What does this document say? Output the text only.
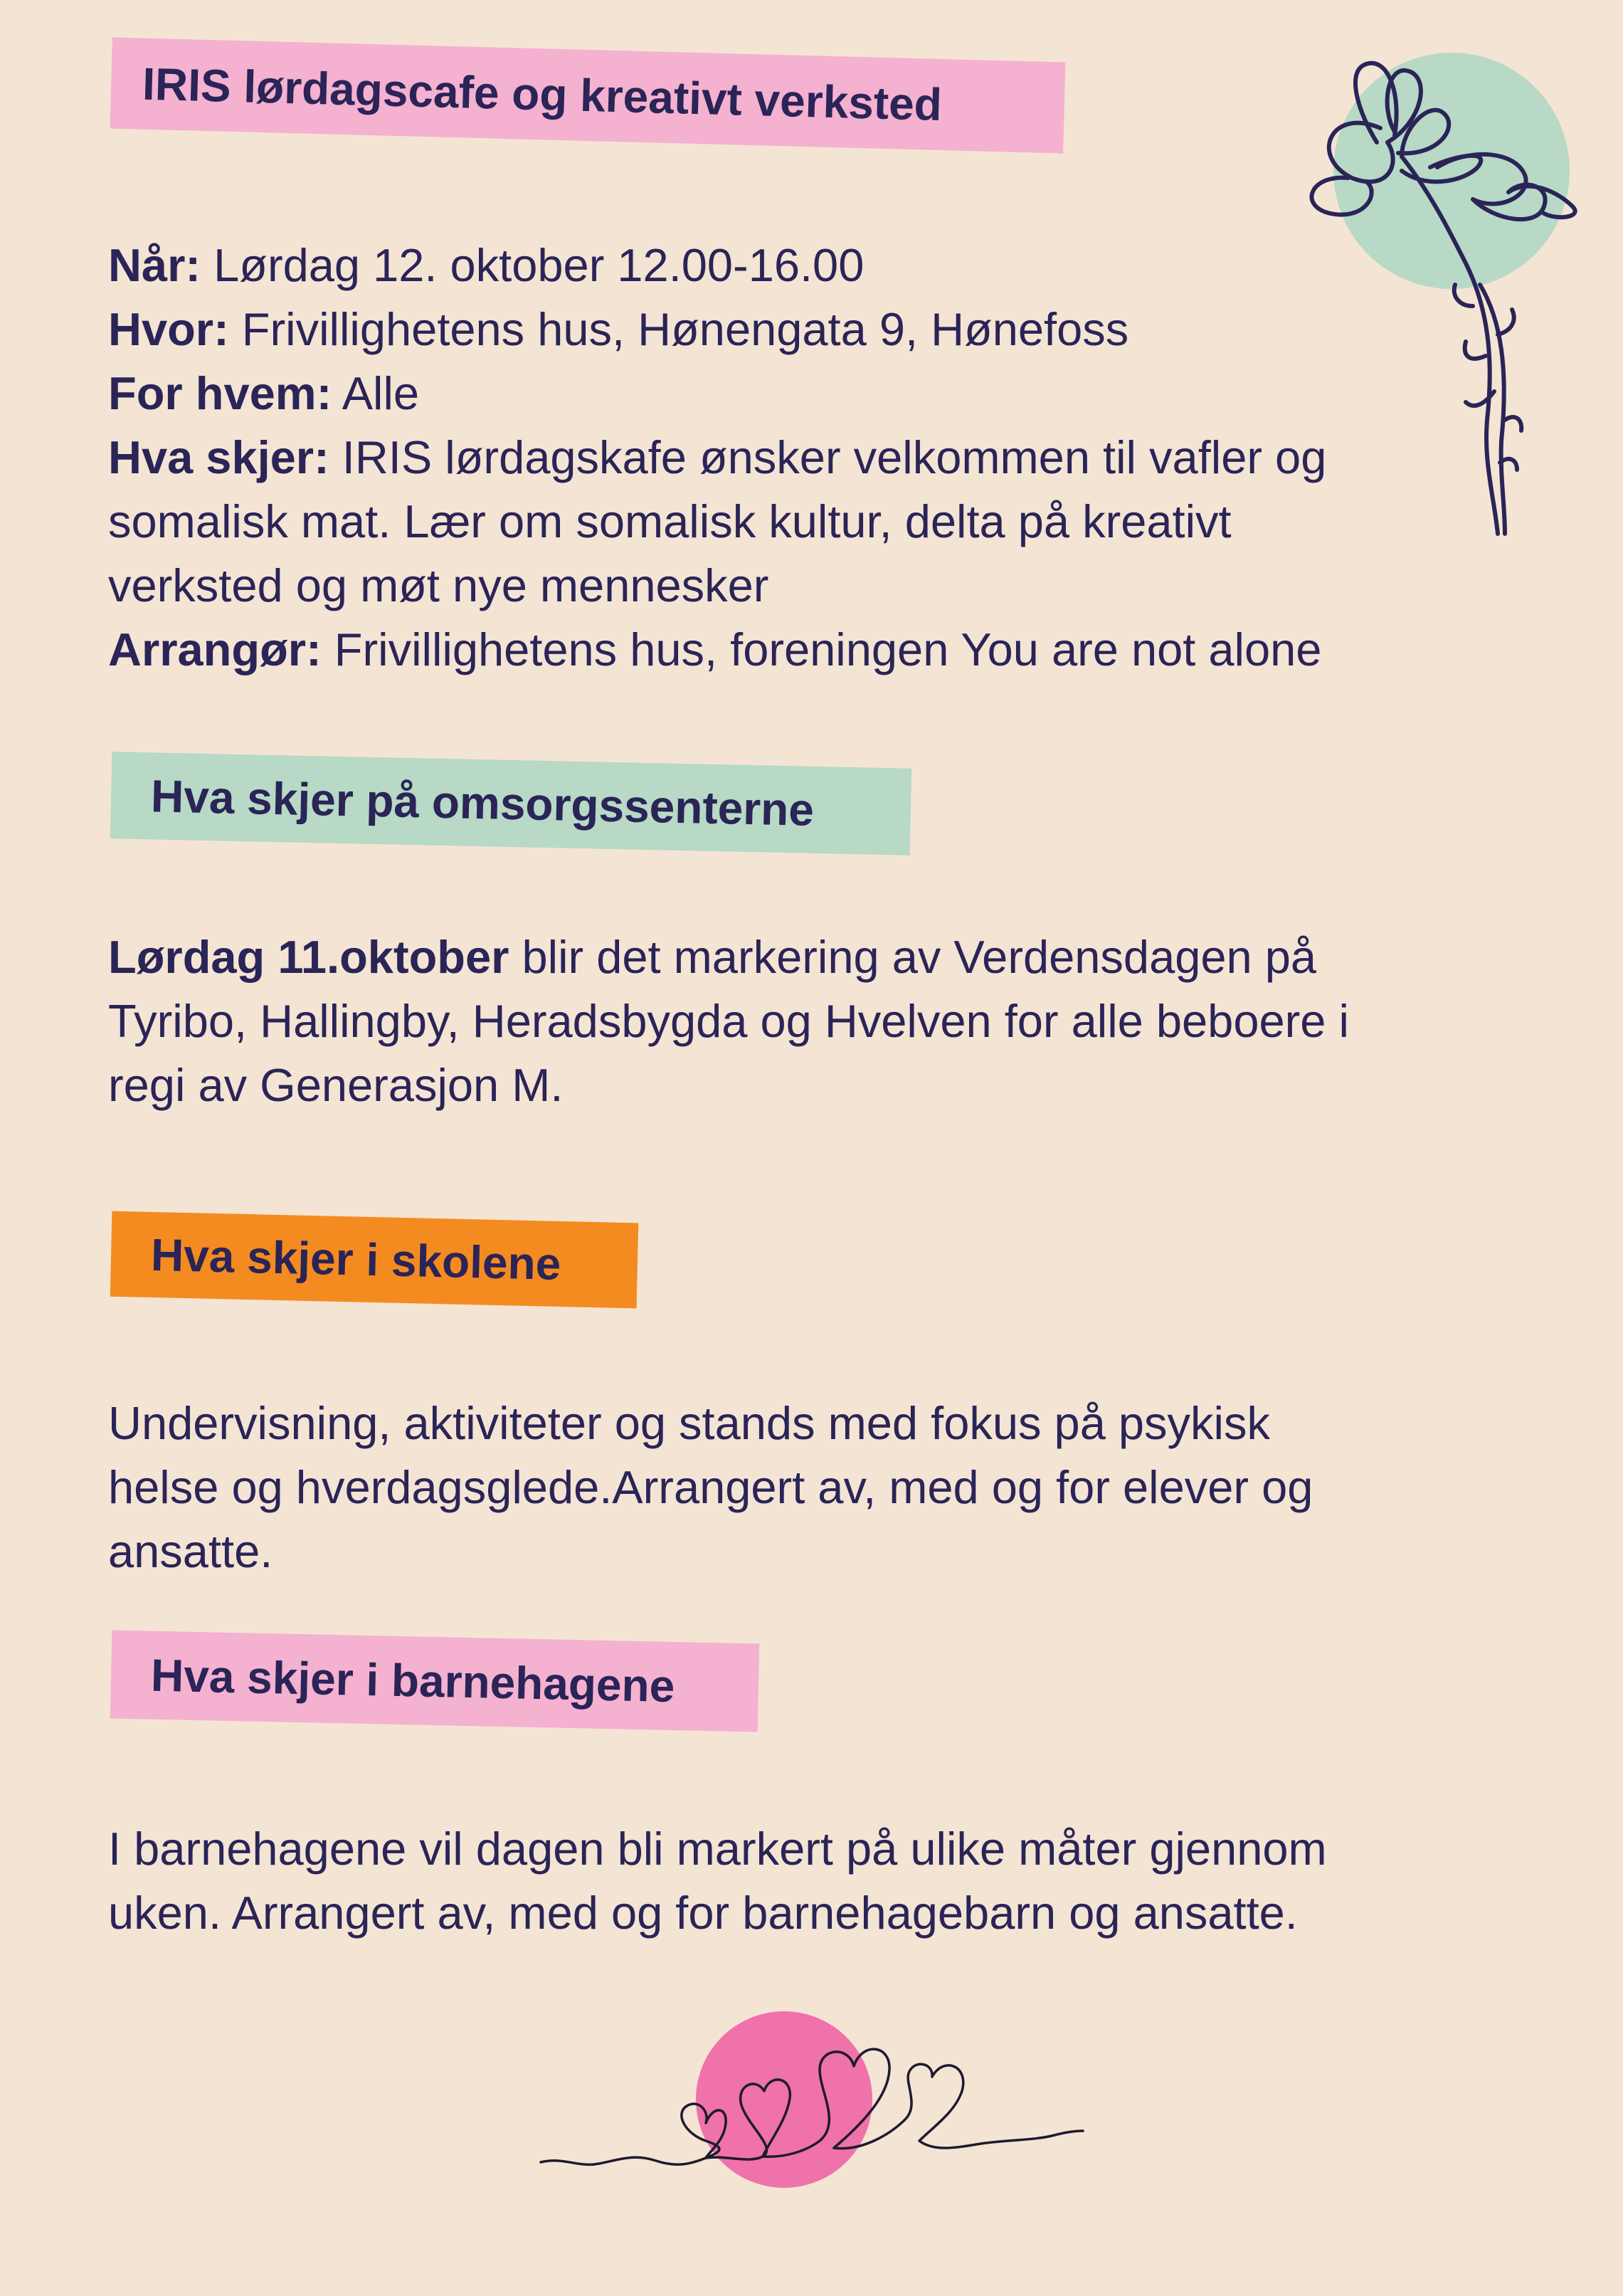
IRIS lørdagscafe og kreativt verksted
Når: Lørdag 12. oktober 12.00-16.00
Hvor: Frivillighetens hus, Hønengata 9, Hønefoss
For hvem: Alle
Hva skjer: IRIS lørdagskafe ønsker velkommen til vafler og
somalisk mat. Lær om somalisk kultur, delta på kreativt
verksted og møt nye mennesker
Arrangør: Frivillighetens hus, foreningen You are not alone
Hva skjer på omsorgssenterne
Lørdag 11.oktober blir det markering av Verdensdagen på
Tyribo, Hallingby, Heradsbygda og Hvelven for alle beboere i
regi av Generasjon M.
Hva skjer i skolene
Undervisning, aktiviteter og stands med fokus på psykisk
helse og hverdagsglede.Arrangert av, med og for elever og
ansatte.
Hva skjer i barnehagene
I barnehagene vil dagen bli markert på ulike måter gjennom
uken. Arrangert av, med og for barnehagebarn og ansatte.
